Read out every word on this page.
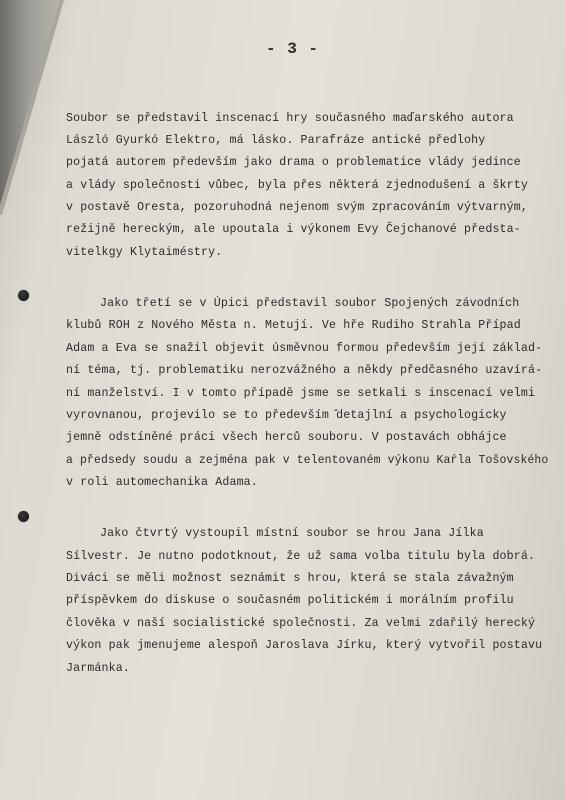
- 3 -
Soubor se představil inscenací hry současného maďarského autora
László Gyurkó Elektro, má lásko. Parafráze antické předlohy
pojatá autorem především jako drama o problematice vlády jedince
a vlády společnosti vůbec, byla přes některá zjednodušení a škrty
v postavě Oresta, pozoruhodná nejenom svým zpracováním výtvarným,
režijně hereckým, ale upoutala i výkonem Evy Čejchanové předsta-
vitelkgy Klytaiméstry.
Jako třetí se v Úpici představil soubor Spojených závodních
klubů ROH z Nového Města n. Metují. Ve hře Rudiho Strahla Případ
Adam a Eva se snažil objevit úsměvnou formou především její základ-
ní téma, tj. problematiku nerozvážného a někdy předčasného uzavírá-
ní manželství. I v tomto případě jsme se setkali s inscenací velmi
vyrovnanou, projevilo se to především ̌detajlní a psychologicky
jemně odstíněné práci všech herců souboru. V postavách obhájce
a předsedy soudu a zejména pak v telentovaném výkonu Kaŕla Tošovského
v roli automechanika Adama.
Jako čtvrtý vystoupil místní soubor se hrou Jana Jílka
Sílvestr. Je nutno podotknout, že už sama volba titulu byla dobrá.
Diváci se měli možnost seznámit s hrou, která se stala závažným
příspěvkem do diskuse o současném politickém i morálním profilu
člověka v naší socialistické společnosti. Za velmi zdařilý herecký
výkon pak jmenujeme alespoň Jaroslava Jírku, který vytvořil postavu
Jarmánka.
